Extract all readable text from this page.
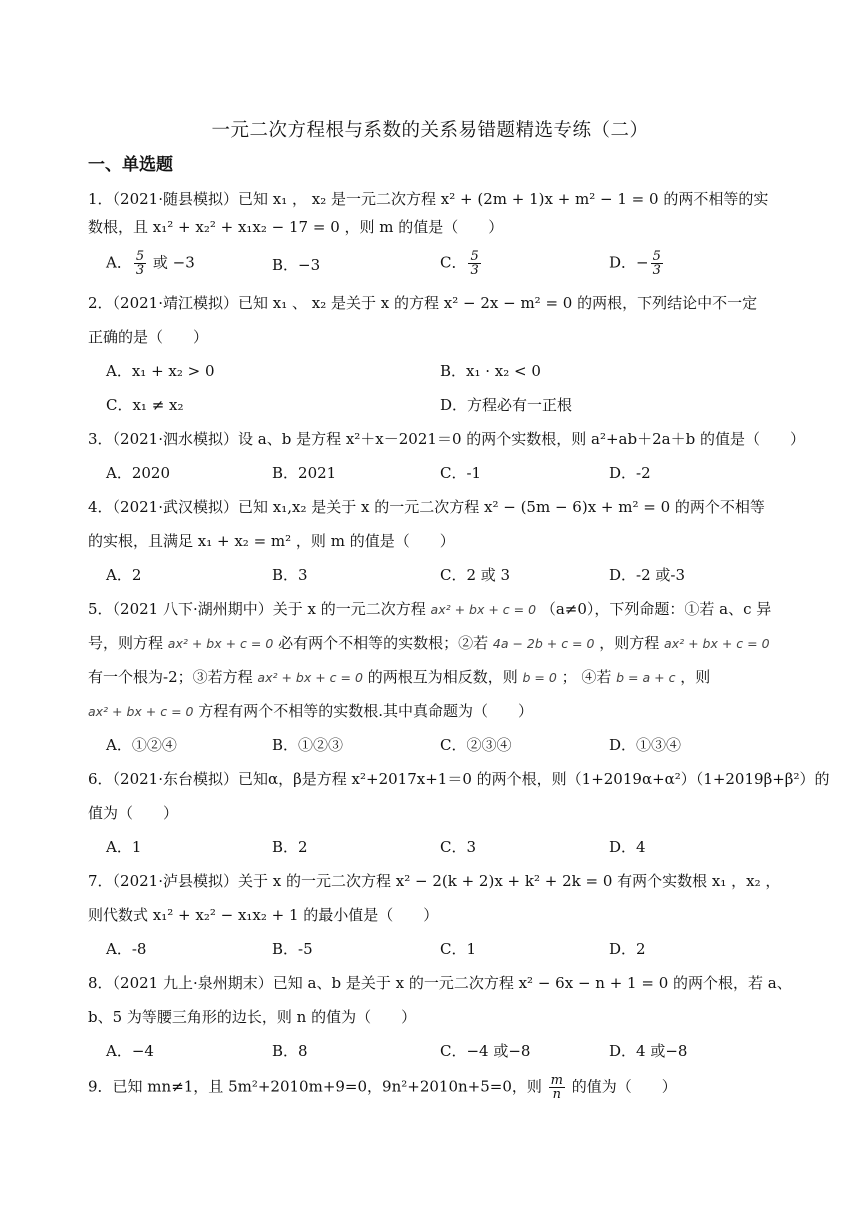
一元二次方程根与系数的关系易错题精选专练（二）
一、单选题
1．（2021·随县模拟）已知 x₁ ， x₂ 是一元二次方程 x² + (2m + 1)x + m² − 1 = 0 的两不相等的实
数根，且 x₁² + x₂² + x₁x₂ − 17 = 0 ，则 m 的值是（　　）
A． $\frac{5}{3}$ 或 −3	B．−3	C． $\frac{5}{3}$	D．− $\frac{5}{3}$
2．（2021·靖江模拟）已知 x₁ 、 x₂ 是关于 x 的方程 x² − 2x − m² = 0 的两根，下列结论中不一定
正确的是（　　）
A．x₁ + x₂ > 0	B．x₁ · x₂ < 0
C．x₁ ≠ x₂	D．方程必有一正根
3．（2021·泗水模拟）设 a、b 是方程 x²＋x－2021＝0 的两个实数根，则 a²+ab＋2a＋b 的值是（　　）
A．2020	B．2021	C．-1	D．-2
4．（2021·武汉模拟）已知 x₁,x₂ 是关于 x 的一元二次方程 x² − (5m − 6)x + m² = 0 的两个不相等
的实根，且满足 x₁ + x₂ = m² ，则 m 的值是（　　）
A．2	B．3	C．2 或 3	D．-2 或-3
5．（2021 八下·湖州期中）关于 x 的一元二次方程 ax² + bx + c = 0 （a≠0），下列命题：①若 a、c 异
号，则方程 ax² + bx + c = 0 必有两个不相等的实数根；②若 4a − 2b + c = 0 ，则方程 ax² + bx + c = 0
有一个根为-2；③若方程 ax² + bx + c = 0 的两根互为相反数，则 b = 0 ； ④若 b = a + c ，则
ax² + bx + c = 0 方程有两个不相等的实数根.其中真命题为（　　）
A．①②④	B．①②③	C．②③④	D．①③④
6．（2021·东台模拟）已知α，β是方程 x²+2017x+1＝0 的两个根，则（1+2019α+α²）（1+2019β+β²）的
值为（　　）
A．1	B．2	C．3	D．4
7．（2021·泸县模拟）关于 x 的一元二次方程 x² − 2(k + 2)x + k² + 2k = 0 有两个实数根 x₁ ，x₂ ，
则代数式 x₁² + x₂² − x₁x₂ + 1 的最小值是（　　）
A．-8	B．-5	C．1	D．2
8．（2021 九上·泉州期末）已知 a、b 是关于 x 的一元二次方程 x² − 6x − n + 1 = 0 的两个根，若 a、
b、5 为等腰三角形的边长，则 n 的值为（　　）
A．−4	B．8	C．−4 或−8	D．4 或−8
9．已知 mn≠1，且 5m²+2010m+9=0，9n²+2010n+5=0，则 $\frac{m}{n}$ 的值为（　　）
